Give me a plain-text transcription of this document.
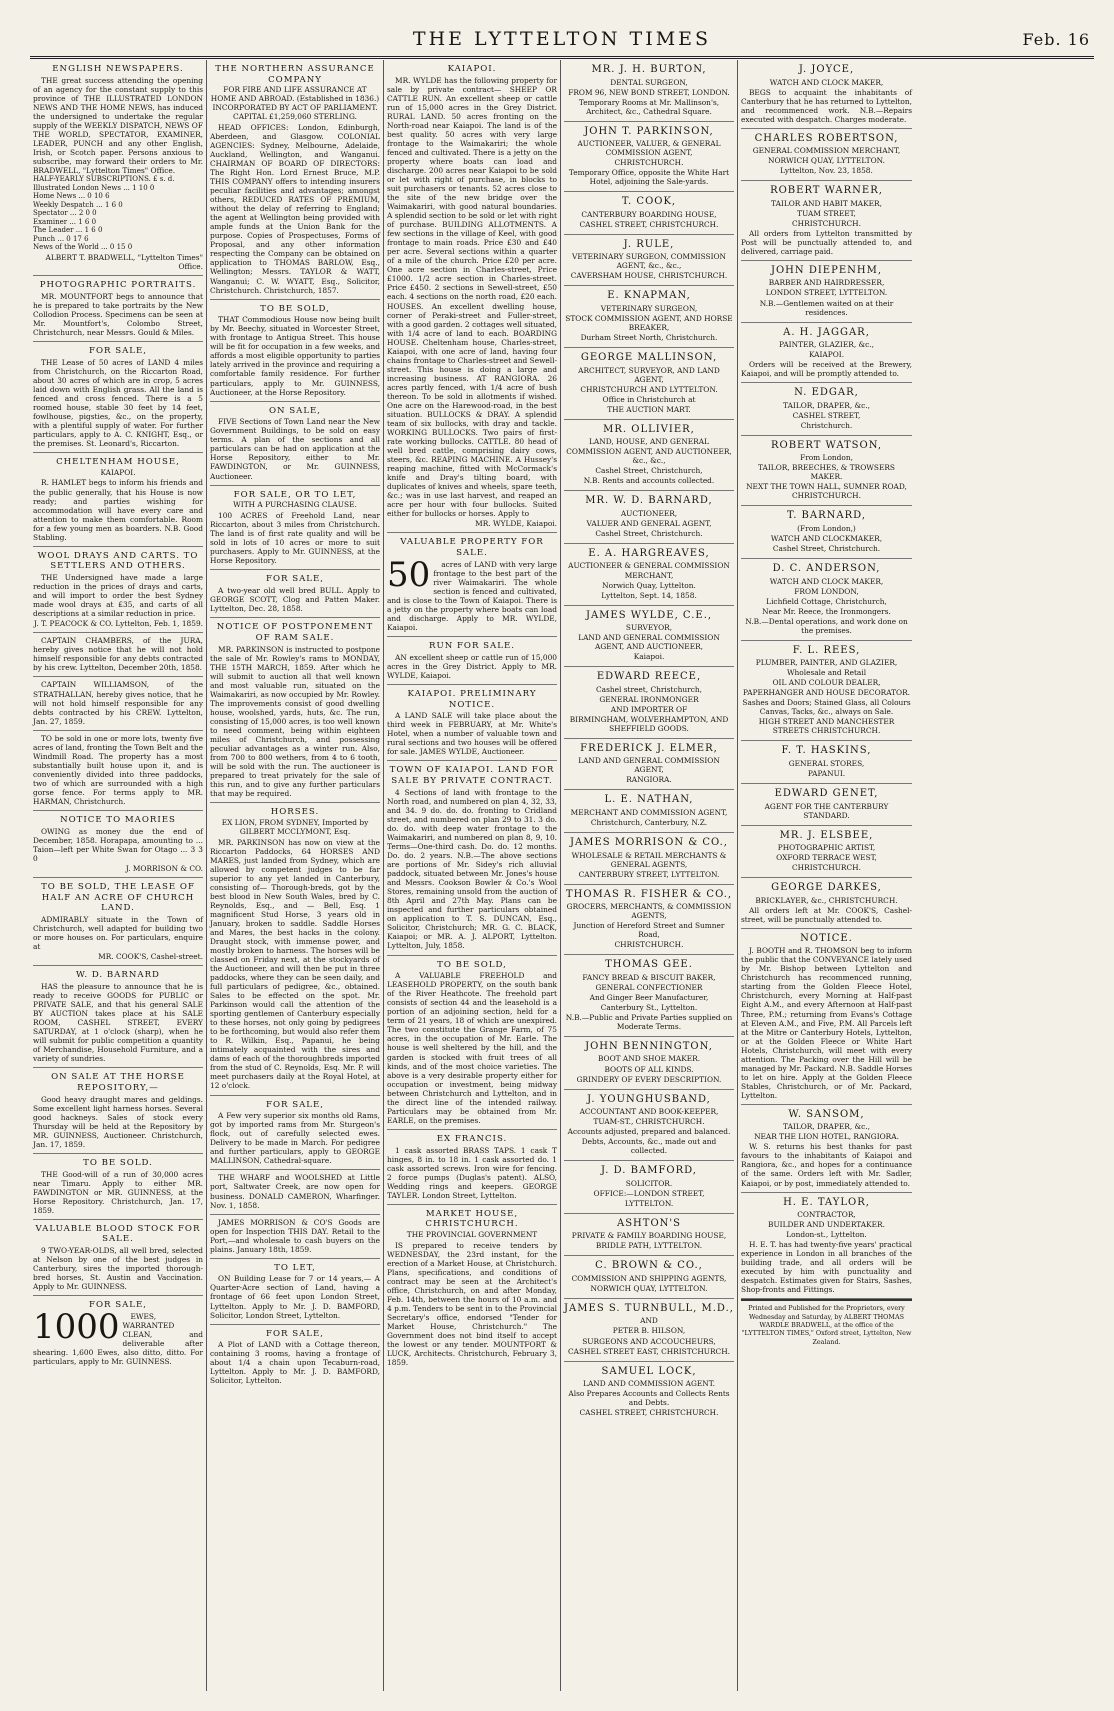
THE LYTTELTON TIMES	Feb. 16
ENGLISH NEWSPAPERS.
THE great success attending the opening of an agency for the constant supply to this province of THE ILLUSTRATED LONDON NEWS AND THE HOME NEWS, has induced the undersigned to undertake the regular supply of the WEEKLY DISPATCH, NEWS OF THE WORLD, SPECTATOR, EXAMINER, LEADER, PUNCH and any other English, Irish, or Scotch paper. Persons anxious to subscribe, may forward their orders to Mr. BRADWELL, "Lyttelton Times" Office.
HALF-YEARLY SUBSCRIPTIONS. £ s. d.
Illustrated London News ... 1 10 0
Home News ... 0 10 6
Weekly Despatch ... 1 6 0
Spectator ... 2 0 0
Examiner ... 1 6 0
The Leader ... 1 6 0
Punch ... 0 17 6
News of the World ... 0 15 0
ALBERT T. BRADWELL, "Lyttelton Times" Office.
PHOTOGRAPHIC PORTRAITS.
MR. MOUNTFORT begs to announce that he is prepared to take portraits by the New Collodion Process. Specimens can be seen at Mr. Mountfort's, Colombo Street, Christchurch, near Messrs. Gould & Miles.
FOR SALE,
THE Lease of 50 acres of LAND 4 miles from Christchurch, on the Riccarton Road, about 30 acres of which are in crop, 5 acres laid down with English grass. All the land is fenced and cross fenced. There is a 5 roomed house, stable 30 feet by 14 feet, fowlhouse, pigsties, &c., on the property, with a plentiful supply of water. For further particulars, apply to A. C. KNIGHT, Esq., or the premises. St. Leonard's, Riccarton.
CHELTENHAM HOUSE,
KAIAPOI.
R. HAMLET begs to inform his friends and the public generally, that his House is now ready; and parties wishing for accommodation will have every care and attention to make them comfortable. Room for a few young men as boarders. N.B. Good Stabling.
WOOL DRAYS AND CARTS. TO SETTLERS AND OTHERS.
THE Undersigned have made a large reduction in the prices of drays and carts, and will import to order the best Sydney made wool drays at £35, and carts of all descriptions at a similar reduction in price.
J. T. PEACOCK & CO. Lyttelton, Feb. 1, 1859.
CAPTAIN CHAMBERS, of the JURA, hereby gives notice that he will not hold himself responsible for any debts contracted by his crew. Lyttelton, December 20th, 1858.
CAPTAIN WILLIAMSON, of the STRATHALLAN, hereby gives notice, that he will not hold himself responsible for any debts contracted by his CREW. Lyttelton, Jan. 27, 1859.
TO be sold in one or more lots, twenty five acres of land, fronting the Town Belt and the Windmill Road. The property has a most substantially built house upon it, and is conveniently divided into three paddocks, two of which are surrounded with a high gorse fence. For terms apply to MR. HARMAN, Christchurch.
NOTICE TO MAORIES
OWING as money due the end of December, 1858. Horapapa, amounting to ... Taion—left per White Swan for Otago ... 3 3 0
J. MORRISON & CO.
TO BE SOLD, THE LEASE OF HALF AN ACRE OF CHURCH LAND.
ADMIRABLY situate in the Town of Christchurch, well adapted for building two or more houses on. For particulars, enquire at
MR. COOK'S, Cashel-street.
W. D. BARNARD
HAS the pleasure to announce that he is ready to receive GOODS for PUBLIC or PRIVATE SALE, and that his general SALE BY AUCTION takes place at his SALE ROOM, CASHEL STREET, EVERY SATURDAY, at 1 o'clock (sharp), when he will submit for public competition a quantity of Merchandise, Household Furniture, and a variety of sundries.
ON SALE AT THE HORSE REPOSITORY,—
Good heavy draught mares and geldings. Some excellent light harness horses. Several good hackneys. Sales of stock every Thursday will be held at the Repository by MR. GUINNESS, Auctioneer. Christchurch, Jan. 17, 1859.
TO BE SOLD.
THE Good-will of a run of 30,000 acres near Timaru. Apply to either MR. FAWDINGTON or MR. GUINNESS, at the Horse Repository. Christchurch, Jan. 17, 1859.
VALUABLE BLOOD STOCK FOR SALE.
9 TWO-YEAR-OLDS, all well bred, selected at Nelson by one of the best judges in Canterbury, sires the imported thorough-bred horses, St. Austin and Vaccination. Apply to Mr. GUINNESS.
FOR SALE,
1000	EWES, WARRANTED CLEAN, and deliverable after shearing. 1,600 Ewes, also ditto, ditto. For particulars, apply to Mr. GUINNESS.
THE NORTHERN ASSURANCE COMPANY
FOR FIRE AND LIFE ASSURANCE AT HOME AND ABROAD. (Established in 1836.) INCORPORATED BY ACT OF PARLIAMENT. CAPITAL £1,259,060 STERLING.
HEAD OFFICES: London, Edinburgh, Aberdeen, and Glasgow. COLONIAL AGENCIES: Sydney, Melbourne, Adelaide, Auckland, Wellington, and Wanganui. CHAIRMAN OF BOARD OF DIRECTORS: The Right Hon. Lord Ernest Bruce, M.P. THIS COMPANY offers to intending insurers peculiar facilities and advantages; amongst others, REDUCED RATES OF PREMIUM, without the delay of referring to England; the agent at Wellington being provided with ample funds at the Union Bank for the purpose. Copies of Prospectuses, Forms of Proposal, and any other information respecting the Company can be obtained on application to THOMAS BARLOW, Esq., Wellington; Messrs. TAYLOR & WATT, Wanganui; C. W. WYATT, Esq., Solicitor, Christchurch. Christchurch, 1857.
TO BE SOLD,
THAT Commodious House now being built by Mr. Beechy, situated in Worcester Street, with frontage to Antigua Street. This house will be fit for occupation in a few weeks, and affords a most eligible opportunity to parties lately arrived in the province and requiring a comfortable family residence. For further particulars, apply to Mr. GUINNESS, Auctioneer, at the Horse Repository.
ON SALE,
FIVE Sections of Town Land near the New Government Buildings, to be sold on easy terms. A plan of the sections and all particulars can be had on application at the Horse Repository, either to Mr. FAWDINGTON, or Mr. GUINNESS, Auctioneer.
FOR SALE, OR TO LET,
WITH A PURCHASING CLAUSE.
100 ACRES of Freehold Land, near Riccarton, about 3 miles from Christchurch. The land is of first rate quality and will be sold in lots of 10 acres or more to suit purchasers. Apply to Mr. GUINNESS, at the Horse Repository.
FOR SALE,
A two-year old well bred BULL. Apply to GEORGE SCOTT, Clog and Patten Maker. Lyttelton, Dec. 28, 1858.
NOTICE OF POSTPONEMENT OF RAM SALE.
MR. PARKINSON is instructed to postpone the sale of Mr. Rowley's rams to MONDAY, THE 15TH MARCH, 1859. After which he will submit to auction all that well known and most valuable run, situated on the Waimakariri, as now occupied by Mr. Rowley. The improvements consist of good dwelling house, woolshed, yards, huts, &c. The run, consisting of 15,000 acres, is too well known to need comment, being within eighteen miles of Christchurch, and possessing peculiar advantages as a winter run. Also, from 700 to 800 wethers, from 4 to 6 tooth, will be sold with the run. The auctioneer is prepared to treat privately for the sale of this run, and to give any further particulars that may be required.
HORSES.
EX LION, FROM SYDNEY, Imported by GILBERT MCCLYMONT, Esq.
MR. PARKINSON has now on view at the Riccarton Paddocks, 64 HORSES AND MARES, just landed from Sydney, which are allowed by competent judges to be far superior to any yet landed in Canterbury, consisting of— Thorough-breds, got by the best blood in New South Wales, bred by C. Reynolds, Esq., and — Bell, Esq. 1 magnificent Stud Horse, 3 years old in January, broken to saddle. Saddle Horses and Mares, the best hacks in the colony. Draught stock, with immense power, and mostly broken to harness. The horses will be classed on Friday next, at the stockyards of the Auctioneer, and will then be put in three paddocks, where they can be seen daily, and full particulars of pedigree, &c., obtained. Sales to be effected on the spot. Mr. Parkinson would call the attention of the sporting gentlemen of Canterbury especially to these horses, not only going by pedigrees to be forthcoming, but would also refer them to R. Wilkin, Esq., Papanui, he being intimately acquainted with the sires and dams of each of the thoroughbreds imported from the stud of C. Reynolds, Esq. Mr. P. will meet purchasers daily at the Royal Hotel, at 12 o'clock.
FOR SALE,
A Few very superior six months old Rams, got by imported rams from Mr. Sturgeon's flock, out of carefully selected ewes. Delivery to be made in March. For pedigree and further particulars, apply to GEORGE MALLINSON, Cathedral-square.
THE WHARF and WOOLSHED at Little port, Saltwater Creek, are now open for business. DONALD CAMERON, Wharfinger. Nov. 1, 1858.
JAMES MORRISON & CO'S Goods are open for Inspection THIS DAY. Retail to the Port,—and wholesale to cash buyers on the plains. January 18th, 1859.
TO LET,
ON Building Lease for 7 or 14 years,— A Quarter-Acre section of Land, having a frontage of 66 feet upon London Street, Lyttelton. Apply to Mr. J. D. BAMFORD, Solicitor, London Street, Lyttelton.
FOR SALE,
A Plot of LAND with a Cottage thereon, containing 3 rooms, having a frontage of about 1/4 a chain upon Tecaburn-road, Lyttelton. Apply to Mr. J. D. BAMFORD, Solicitor, Lyttelton.
KAIAPOI.
MR. WYLDE has the following property for sale by private contract— SHEEP OR CATTLE RUN. An excellent sheep or cattle run of 15,000 acres in the Grey District. RURAL LAND. 50 acres fronting on the North-road near Kaiapoi. The land is of the best quality. 50 acres with very large frontage to the Waimakariri; the whole fenced and cultivated. There is a jetty on the property where boats can load and discharge. 200 acres near Kaiapoi to be sold or let with right of purchase, in blocks to suit purchasers or tenants. 52 acres close to the site of the new bridge over the Waimakariri, with good natural boundaries. A splendid section to be sold or let with right of purchase. BUILDING ALLOTMENTS. A few sections in the village of Keel, with good frontage to main roads. Price £30 and £40 per acre. Several sections within a quarter of a mile of the church. Price £20 per acre. One acre section in Charles-street, Price £1000. 1/2 acre section in Charles-street. Price £450. 2 sections in Sewell-street, £50 each. 4 sections on the north road, £20 each. HOUSES. An excellent dwelling house, corner of Peraki-street and Fuller-street, with a good garden. 2 cottages well situated, with 1/4 acre of land to each. BOARDING HOUSE. Cheltenham house, Charles-street, Kaiapoi, with one acre of land, having four chains frontage to Charles-street and Sewell-street. This house is doing a large and increasing business. AT RANGIORA. 26 acres partly fenced, with 1/4 acre of bush thereon. To be sold in allotments if wished. One acre on the Harewood-road, in the best situation. BULLOCKS & DRAY. A splendid team of six bullocks, with dray and tackle. WORKING BULLOCKS. Two pairs of first-rate working bullocks. CATTLE. 80 head of well bred cattle, comprising dairy cows, steers, &c. REAPING MACHINE. A Hussey's reaping machine, fitted with McCormack's knife and Dray's tilting board, with duplicates of knives and wheels, spare teeth, &c.; was in use last harvest, and reaped an acre per hour with four bullocks. Suited either for bullocks or horses. Apply to
MR. WYLDE, Kaiapoi.
VALUABLE PROPERTY FOR SALE.
50	acres of LAND with very large frontage to the best part of the river Waimakariri. The whole section is fenced and cultivated, and is close to the Town of Kaiapoi. There is a jetty on the property where boats can load and discharge. Apply to MR. WYLDE, Kaiapoi.
RUN FOR SALE.
AN excellent sheep or cattle run of 15,000 acres in the Grey District. Apply to MR. WYLDE, Kaiapoi.
KAIAPOI. PRELIMINARY NOTICE.
A LAND SALE will take place about the third week in FEBRUARY, at Mr. White's Hotel, when a number of valuable town and rural sections and two houses will be offered for sale. JAMES WYLDE, Auctioneer.
TOWN OF KAIAPOI. LAND FOR SALE BY PRIVATE CONTRACT.
4 Sections of land with frontage to the North road, and numbered on plan 4, 32, 33, and 34. 9 do. do. do. fronting to Cridland street, and numbered on plan 29 to 31. 3 do. do. do. with deep water frontage to the Waimakariri, and numbered on plan 8, 9, 10. Terms—One-third cash. Do. do. 12 months. Do. do. 2 years. N.B.—The above sections are portions of Mr. Sidey's rich alluvial paddock, situated between Mr. Jones's house and Messrs. Cookson Bowler & Co.'s Wool Stores, remaining unsold from the auction of 8th April and 27th May. Plans can be inspected and further particulars obtained on application to T. S. DUNCAN, Esq., Solicitor, Christchurch; MR. G. C. BLACK, Kaiapoi; or MR. A. J. ALPORT, Lyttelton. Lyttelton, July, 1858.
TO BE SOLD,
A VALUABLE FREEHOLD and LEASEHOLD PROPERTY, on the south bank of the River Heathcote. The freehold part consists of section 44 and the leasehold is a portion of an adjoining section, held for a term of 21 years, 18 of which are unexpired. The two constitute the Grange Farm, of 75 acres, in the occupation of Mr. Earle. The house is well sheltered by the hill, and the garden is stocked with fruit trees of all kinds, and of the most choice varieties. The above is a very desirable property either for occupation or investment, being midway between Christchurch and Lyttelton, and in the direct line of the intended railway. Particulars may be obtained from Mr. EARLE, on the premises.
EX FRANCIS.
1 cask assorted BRASS TAPS. 1 cask T hinges, 8 in. to 18 in. 1 cask assorted do. 1 cask assorted screws. Iron wire for fencing. 2 force pumps (Duglas's patent). ALSO, Wedding rings and keepers. GEORGE TAYLER. London Street, Lyttelton.
MARKET HOUSE, CHRISTCHURCH.
THE PROVINCIAL GOVERNMENT
IS prepared to receive tenders by WEDNESDAY, the 23rd instant, for the erection of a Market House, at Christchurch. Plans, specifications, and conditions of contract may be seen at the Architect's office, Christchurch, on and after Monday, Feb. 14th, between the hours of 10 a.m. and 4 p.m. Tenders to be sent in to the Provincial Secretary's office, endorsed "Tender for Market House, Christchurch." The Government does not bind itself to accept the lowest or any tender. MOUNTFORT & LUCK, Architects. Christchurch, February 3, 1859.
MR. J. H. BURTON,
DENTAL SURGEON,
FROM 96, NEW BOND STREET, LONDON.
Temporary Rooms at Mr. Mallinson's, Architect, &c., Cathedral Square.
JOHN T. PARKINSON,
AUCTIONEER, VALUER, & GENERAL COMMISSION AGENT,
CHRISTCHURCH.
Temporary Office, opposite the White Hart Hotel, adjoining the Sale-yards.
T. COOK,
CANTERBURY BOARDING HOUSE,
CASHEL STREET, CHRISTCHURCH.
J. RULE,
VETERINARY SURGEON, COMMISSION AGENT, &c., &c.,
CAVERSHAM HOUSE, CHRISTCHURCH.
E. KNAPMAN,
VETERINARY SURGEON,
STOCK COMMISSION AGENT, AND HORSE BREAKER,
Durham Street North, Christchurch.
GEORGE MALLINSON,
ARCHITECT, SURVEYOR, AND LAND AGENT,
CHRISTCHURCH AND LYTTELTON.
Office in Christchurch at
THE AUCTION MART.
MR. OLLIVIER,
LAND, HOUSE, AND GENERAL
COMMISSION AGENT, AND AUCTIONEER, &c., &c.,
Cashel Street, Christchurch,
N.B. Rents and accounts collected.
MR. W. D. BARNARD,
AUCTIONEER,
VALUER AND GENERAL AGENT,
Cashel Street, Christchurch.
E. A. HARGREAVES,
AUCTIONEER & GENERAL COMMISSION MERCHANT,
Norwich Quay, Lyttelton.
Lyttelton, Sept. 14, 1858.
JAMES WYLDE, C.E.,
SURVEYOR,
LAND AND GENERAL COMMISSION AGENT, AND AUCTIONEER,
Kaiapoi.
EDWARD REECE,
Cashel street, Christchurch,
GENERAL IRONMONGER
AND IMPORTER OF
BIRMINGHAM, WOLVERHAMPTON, AND SHEFFIELD GOODS.
FREDERICK J. ELMER,
LAND AND GENERAL COMMISSION AGENT,
RANGIORA.
L. E. NATHAN,
MERCHANT AND COMMISSION AGENT,
Christchurch, Canterbury, N.Z.
JAMES MORRISON & CO.,
WHOLESALE & RETAIL MERCHANTS & GENERAL AGENTS,
CANTERBURY STREET, LYTTELTON.
THOMAS R. FISHER & CO.,
GROCERS, MERCHANTS, & COMMISSION AGENTS,
Junction of Hereford Street and Sumner Road,
CHRISTCHURCH.
THOMAS GEE.
FANCY BREAD & BISCUIT BAKER,
GENERAL CONFECTIONER
And Ginger Beer Manufacturer,
Canterbury St., Lyttelton.
N.B.—Public and Private Parties supplied on Moderate Terms.
JOHN BENNINGTON,
BOOT AND SHOE MAKER.
BOOTS OF ALL KINDS.
GRINDERY OF EVERY DESCRIPTION.
J. YOUNGHUSBAND,
ACCOUNTANT AND BOOK-KEEPER,
TUAM-ST., CHRISTCHURCH.
Accounts adjusted, prepared and balanced.
Debts, Accounts, &c., made out and collected.
J. D. BAMFORD,
SOLICITOR.
OFFICE:—LONDON STREET,
LYTTELTON.
ASHTON'S
PRIVATE & FAMILY BOARDING HOUSE,
BRIDLE PATH, LYTTELTON.
C. BROWN & CO.,
COMMISSION AND SHIPPING AGENTS,
NORWICH QUAY, LYTTELTON.
JAMES S. TURNBULL, M.D.,
AND
PETER B. HILSON,
SURGEONS AND ACCOUCHEURS,
CASHEL STREET EAST, CHRISTCHURCH.
SAMUEL LOCK,
LAND AND COMMISSION AGENT.
Also Prepares Accounts and Collects Rents and Debts.
CASHEL STREET, CHRISTCHURCH.
J. JOYCE,
WATCH AND CLOCK MAKER,
BEGS to acquaint the inhabitants of Canterbury that he has returned to Lyttelton, and recommenced work. N.B.—Repairs executed with despatch. Charges moderate.
CHARLES ROBERTSON,
GENERAL COMMISSION MERCHANT,
NORWICH QUAY, LYTTELTON.
Lyttelton, Nov. 23, 1858.
ROBERT WARNER,
TAILOR AND HABIT MAKER,
TUAM STREET,
CHRISTCHURCH.
All orders from Lyttelton transmitted by Post will be punctually attended to, and delivered, carriage paid.
JOHN DIEPENHM,
BARBER AND HAIRDRESSER,
LONDON STREET, LYTTELTON.
N.B.—Gentlemen waited on at their residences.
A. H. JAGGAR,
PAINTER, GLAZIER, &c.,
KAIAPOI.
Orders will be received at the Brewery, Kaiapoi, and will be promptly attended to.
N. EDGAR,
TAILOR, DRAPER, &c.,
CASHEL STREET,
Christchurch.
ROBERT WATSON,
From London,
TAILOR, BREECHES, & TROWSERS MAKER.
NEXT THE TOWN HALL, SUMNER ROAD, CHRISTCHURCH.
T. BARNARD,
(From London,)
WATCH AND CLOCKMAKER,
Cashel Street, Christchurch.
D. C. ANDERSON,
WATCH AND CLOCK MAKER,
FROM LONDON,
Lichfield Cottage, Christchurch,
Near Mr. Reece, the Ironmongers.
N.B.—Dental operations, and work done on the premises.
F. L. REES,
PLUMBER, PAINTER, AND GLAZIER,
Wholesale and Retail
OIL AND COLOUR DEALER,
PAPERHANGER AND HOUSE DECORATOR.
Sashes and Doors; Stained Glass, all Colours Canvas, Tacks, &c., always on Sale.
HIGH STREET AND MANCHESTER STREETS CHRISTCHURCH.
F. T. HASKINS,
GENERAL STORES,
PAPANUI.
EDWARD GENET,
AGENT FOR THE CANTERBURY STANDARD.
MR. J. ELSBEE,
PHOTOGRAPHIC ARTIST,
OXFORD TERRACE WEST,
CHRISTCHURCH.
GEORGE DARKES,
BRICKLAYER, &c., CHRISTCHURCH.
All orders left at Mr. COOK'S, Cashel-street, will be punctually attended to.
NOTICE.
J. BOOTH and R. THOMSON beg to inform the public that the CONVEYANCE lately used by Mr. Bishop between Lyttelton and Christchurch has recommenced running, starting from the Golden Fleece Hotel, Christchurch, every Morning at Half-past Eight A.M., and every Afternoon at Half-past Three, P.M.; returning from Evans's Cottage at Eleven A.M., and Five, P.M. All Parcels left at the Mitre or Canterbury Hotels, Lyttelton, or at the Golden Fleece or White Hart Hotels, Christchurch, will meet with every attention. The Packing over the Hill will be managed by Mr. Packard. N.B. Saddle Horses to let on hire. Apply at the Golden Fleece Stables, Christchurch, or of Mr. Packard, Lyttelton.
W. SANSOM,
TAILOR, DRAPER, &c.,
NEAR THE LION HOTEL, RANGIORA.
W. S. returns his best thanks for past favours to the inhabitants of Kaiapoi and Rangiora, &c., and hopes for a continuance of the same. Orders left with Mr. Sadler, Kaiapoi, or by post, immediately attended to.
H. E. TAYLOR,
CONTRACTOR,
BUILDER AND UNDERTAKER.
London-st., Lyttelton.
H. E. T. has had twenty-five years' practical experience in London in all branches of the building trade, and all orders will be executed by him with punctuality and despatch. Estimates given for Stairs, Sashes, Shop-fronts and Fittings.
Printed and Published for the Proprietors, every Wednesday and Saturday, by ALBERT THOMAS WARDLE BRADWELL, at the office of the "LYTTELTON TIMES," Oxford street, Lyttelton, New Zealand.
